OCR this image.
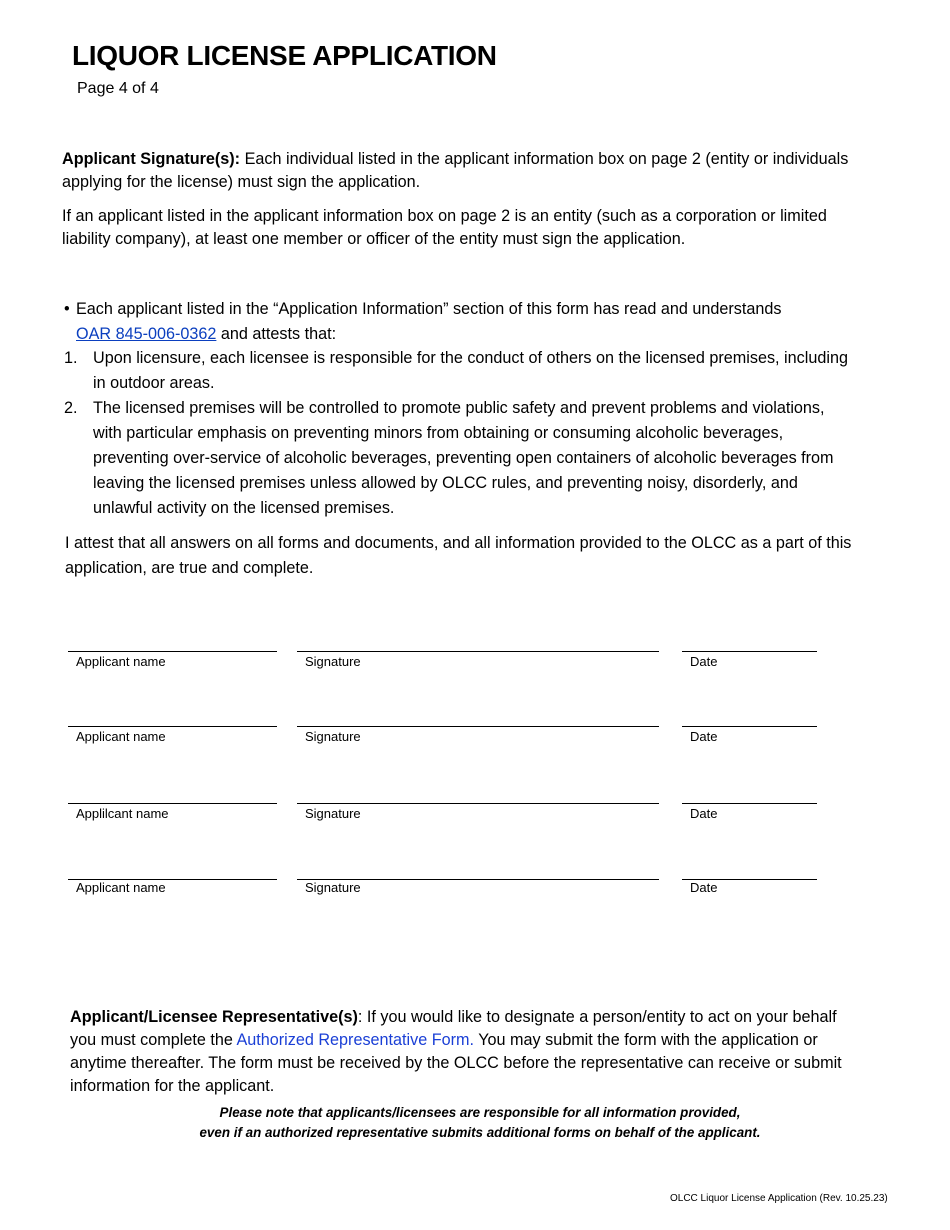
LIQUOR LICENSE APPLICATION
Page 4 of 4
Applicant Signature(s): Each individual listed in the applicant information box on page 2 (entity or individuals applying for the license) must sign the application.
If an applicant listed in the applicant information box on page 2 is an entity (such as a corporation or limited liability company), at least one member or officer of the entity must sign the application.
• Each applicant listed in the “Application Information” section of this form has read and understands
OAR 845-006-0362 and attests that:
1. Upon licensure, each licensee is responsible for the conduct of others on the licensed premises, including in outdoor areas.
2. The licensed premises will be controlled to promote public safety and prevent problems and violations, with particular emphasis on preventing minors from obtaining or consuming alcoholic beverages, preventing over-service of alcoholic beverages, preventing open containers of alcoholic beverages from leaving the licensed premises unless allowed by OLCC rules, and preventing noisy, disorderly, and unlawful activity on the licensed premises.
I attest that all answers on all forms and documents, and all information provided to the OLCC as a part of this application, are true and complete.
Applicant name	Signature	Date
Applicant name	Signature	Date
Applilcant name	Signature	Date
Applicant name	Signature	Date
Applicant/Licensee Representative(s): If you would like to designate a person/entity to act on your behalf you must complete the Authorized Representative Form. You may submit the form with the application or anytime thereafter. The form must be received by the OLCC before the representative can receive or submit information for the applicant.
Please note that applicants/licensees are responsible for all information provided,
even if an authorized representative submits additional forms on behalf of the applicant.
OLCC Liquor License Application (Rev. 10.25.23)
